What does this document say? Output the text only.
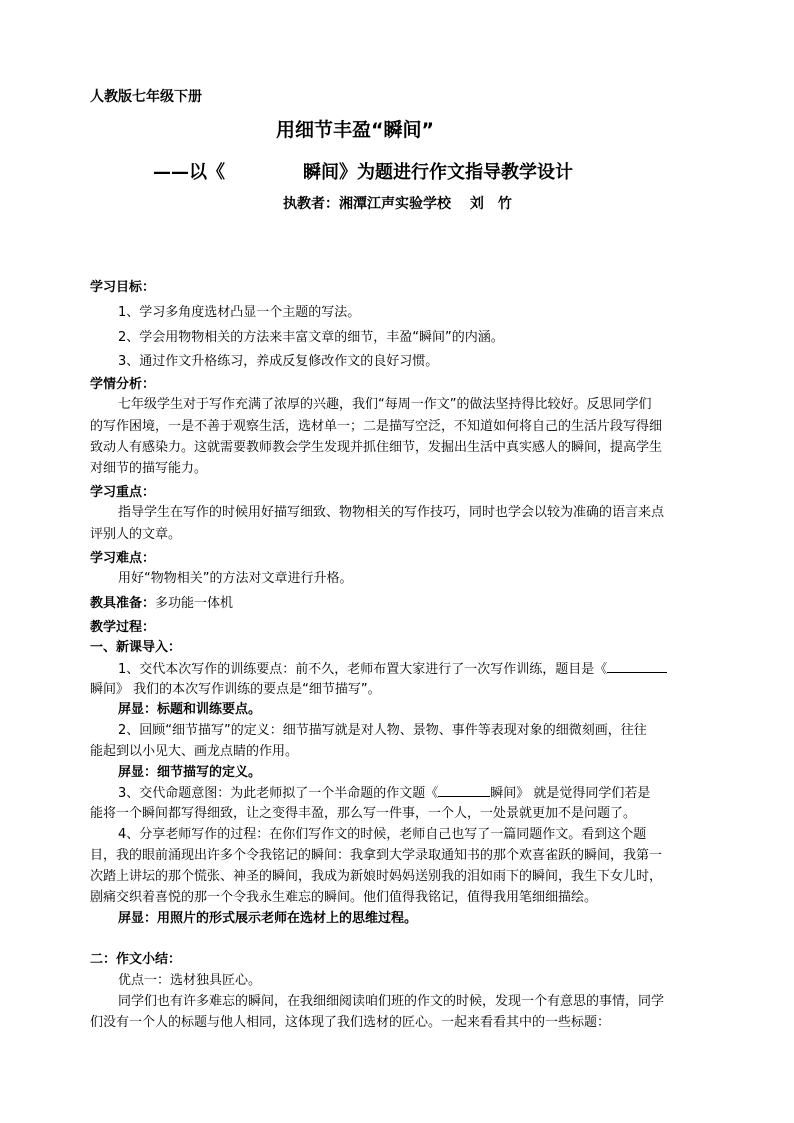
人教版七年级下册
用细节丰盈“瞬间”
——以《	瞬间》为题进行作文指导教学设计
执教者：湘潭江声实验学校　 刘　竹
学习目标：
1、学习多角度选材凸显一个主题的写法。
2、学会用物物相关的方法来丰富文章的细节，丰盈“瞬间”的内涵。
3、通过作文升格练习，养成反复修改作文的良好习惯。
学情分析：
七年级学生对于写作充满了浓厚的兴趣，我们“每周一作文”的做法坚持得比较好。反思同学们
的写作困境，一是不善于观察生活，选材单一；二是描写空泛，不知道如何将自己的生活片段写得细
致动人有感染力。这就需要教师教会学生发现并抓住细节，发掘出生活中真实感人的瞬间，提高学生
对细节的描写能力。
学习重点：
指导学生在写作的时候用好描写细致、物物相关的写作技巧，同时也学会以较为准确的语言来点
评别人的文章。
学习难点：
用好“物物相关”的方法对文章进行升格。
教具准备：多功能一体机
教学过程：
一、新课导入：
1、交代本次写作的训练要点：前不久，老师布置大家进行了一次写作训练，题目是《
瞬间》 我们的本次写作训练的要点是“细节描写”。
屏显：标题和训练要点。
2、回顾“细节描写”的定义：细节描写就是对人物、景物、事件等表现对象的细微刻画，往往
能起到以小见大、画龙点睛的作用。
屏显：细节描写的定义。
3、交代命题意图：为此老师拟了一个半命题的作文题《	瞬间》 就是觉得同学们若是
能将一个瞬间都写得细致，让之变得丰盈，那么写一件事，一个人，一处景就更加不是问题了。
4、分享老师写作的过程：在你们写作文的时候，老师自己也写了一篇同题作文。看到这个题
目，我的眼前涌现出许多个令我铭记的瞬间：我拿到大学录取通知书的那个欢喜雀跃的瞬间，我第一
次踏上讲坛的那个慌张、神圣的瞬间，我成为新娘时妈妈送别我的泪如雨下的瞬间，我生下女儿时，
剧痛交织着喜悦的那一个令我永生难忘的瞬间。他们值得我铭记，值得我用笔细细描绘。
屏显：用照片的形式展示老师在选材上的思维过程。
二：作文小结：
优点一：选材独具匠心。
同学们也有许多难忘的瞬间，在我细细阅读咱们班的作文的时候，发现一个有意思的事情，同学
们没有一个人的标题与他人相同，这体现了我们选材的匠心。一起来看看其中的一些标题：
